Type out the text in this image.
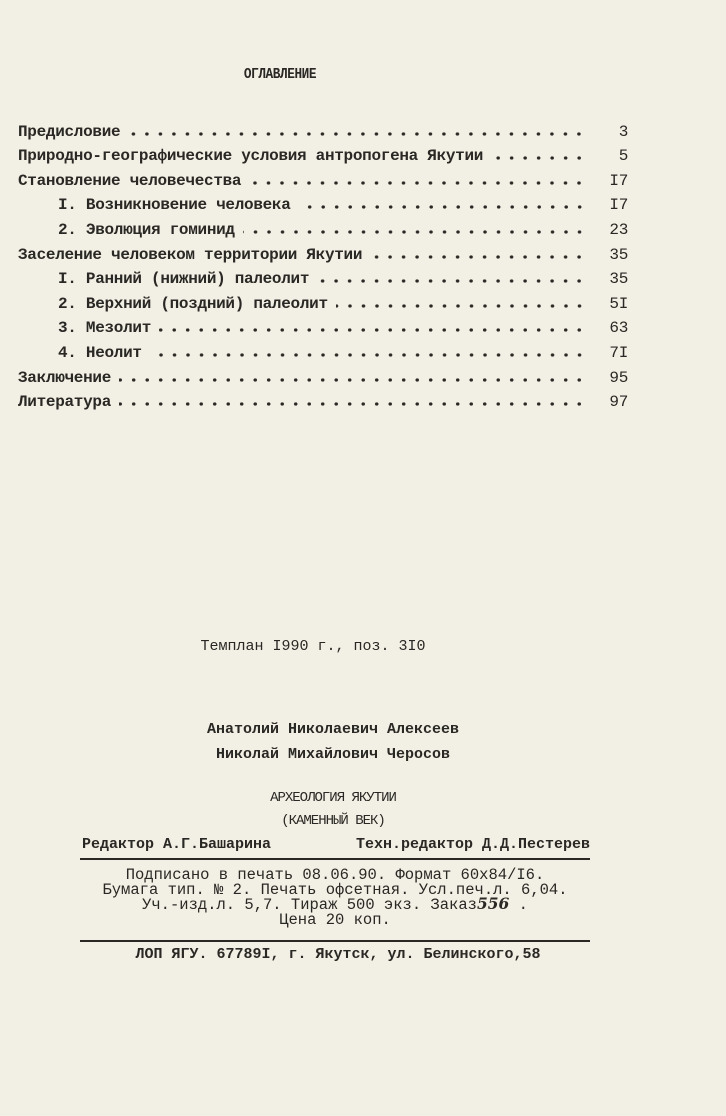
ОГЛАВЛЕНИЕ
Предисловие	3
Природно-географические условия антропогена Якутии	5
Становление человечества	I7
I. Возникновение человека	I7
2. Эволюция гоминид	23
Заселение человеком территории Якутии	35
I. Ранний (нижний) палеолит	35
2. Верхний (поздний) палеолит	5I
3. Мезолит	63
4. Неолит	7I
Заключение	95
Литература	97
Темплан I990 г., поз. 3I0
Анатолий Николаевич Алексеев
Николай Михайлович Черосов
АРХЕОЛОГИЯ ЯКУТИИ
(КАМЕННЫЙ ВЕК)
Редактор А.Г.Башарина	Техн.редактор Д.Д.Пестерев
Подписано в печать 08.06.90. Формат 60х84/I6.
Бумага тип. № 2. Печать офсетная. Усл.печ.л. 6,04.
Уч.-изд.л. 5,7. Тираж 500 экз. Заказ556 .
Цена 20 коп.
ЛОП ЯГУ. 67789I, г. Якутск, ул. Белинского,58
